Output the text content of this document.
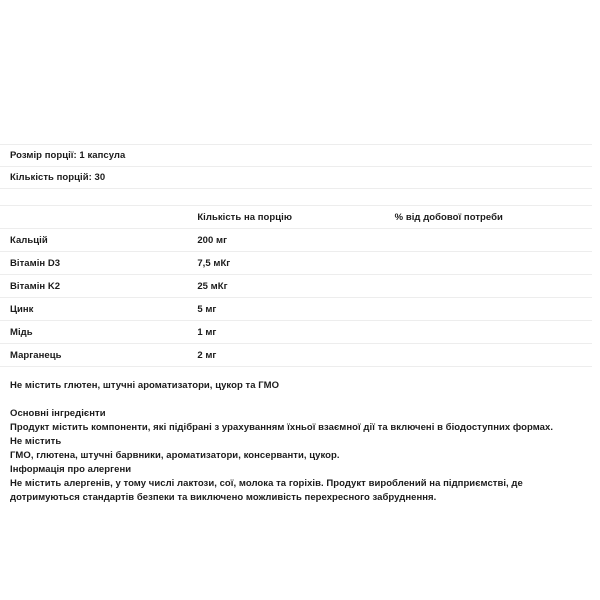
Розмір порції: 1 капсула		
Кількість порцій: 30		

	Кількість на порцію	% від добової потреби
Кальцій	200 мг	
Вітамін D3	7,5 мКг	
Вітамін K2	25 мКг	
Цинк	5 мг	
Мідь	1 мг	
Марганець	2 мг	

Не містить глютен, штучні ароматизатори, цукор та ГМО

Основні інгредієнти

Продукт містить компоненти, які підібрані з урахуванням їхньої взаємної дії та включені в біодоступних формах.

Не містить

ГМО, глютена, штучні барвники, ароматизатори, консерванти, цукор.

Інформація про алергени

Не містить алергенів, у тому числі лактози, сої, молока та горіхів. Продукт вироблений на підприємстві, де дотримуються стандартів безпеки та виключено можливість перехресного забруднення.
